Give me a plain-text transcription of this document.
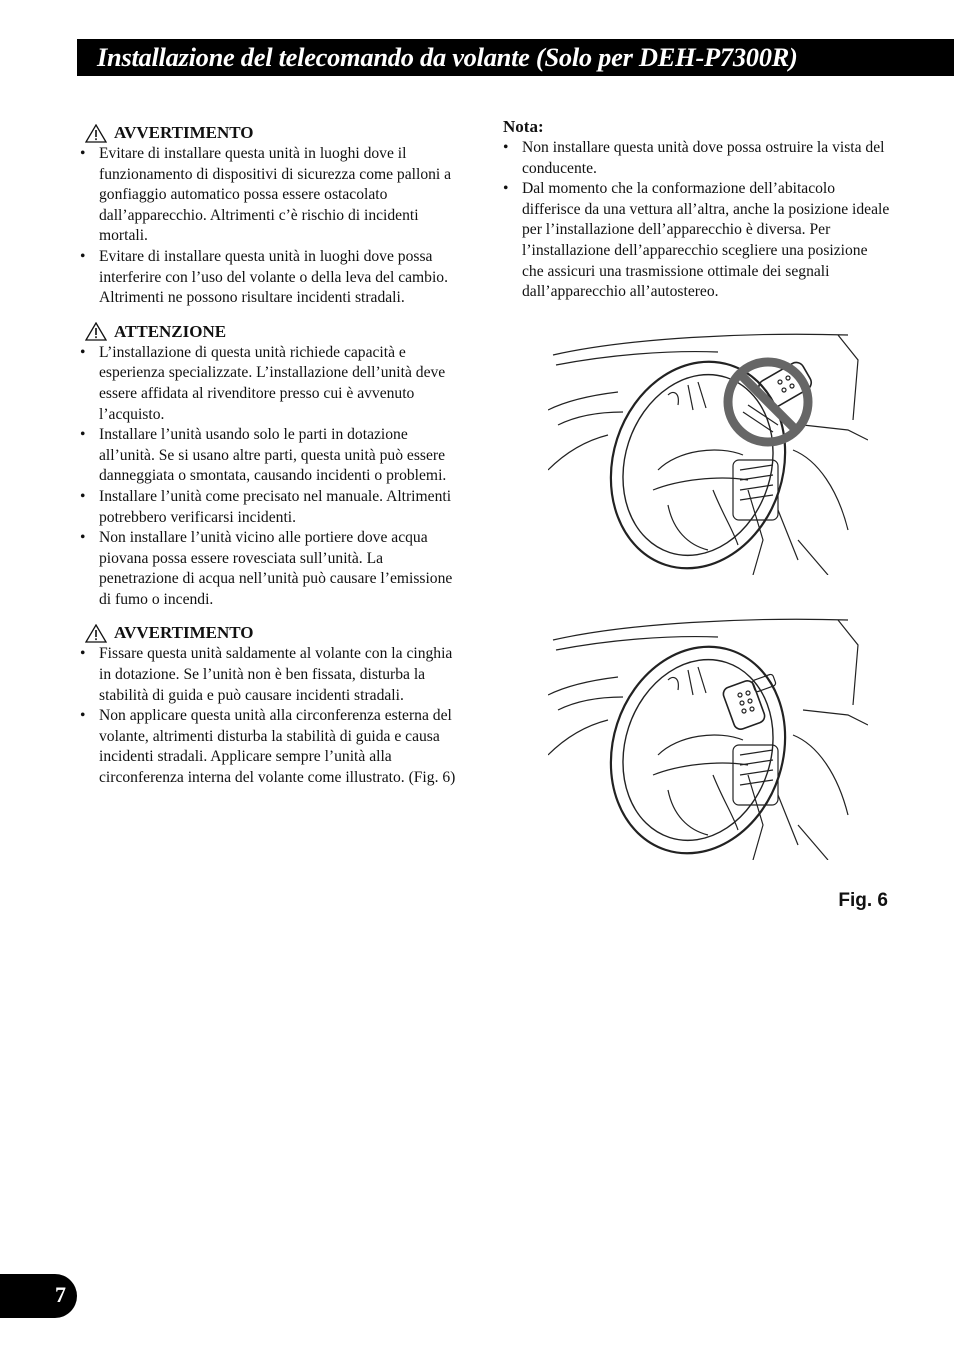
Installazione del telecomando da volante (Solo per DEH-P7300R)
AVVERTIMENTO
• Evitare di installare questa unità in luoghi dove il funzionamento di dispositivi di sicurezza come palloni a gonfiaggio automatico possa essere ostacolato dall’apparecchio. Altrimenti c’è rischio di incidenti mortali.
• Evitare di installare questa unità in luoghi dove possa interferire con l’uso del volante o della leva del cambio. Altrimenti ne possono risultare incidenti stradali.
ATTENZIONE
• L’installazione di questa unità richiede capacità e esperienza specializzate. L’installazione dell’unità deve essere affidata al rivenditore presso cui è avvenuto l’acquisto.
• Installare l’unità usando solo le parti in dotazione all’unità. Se si usano altre parti, questa unità può essere danneggiata o smontata, causando incidenti o problemi.
• Installare l’unità come precisato nel manuale. Altrimenti potrebbero verificarsi incidenti.
• Non installare l’unità vicino alle portiere dove acqua piovana possa essere rovesciata sull’unità. La penetrazione di acqua nell’unità può causare l’emissione di fumo o incendi.
AVVERTIMENTO
• Fissare questa unità saldamente al volante con la cinghia in dotazione. Se l’unità non è ben fissata, disturba la stabilità di guida e può causare incidenti stradali.
• Non applicare questa unità alla circonferenza esterna del volante, altrimenti disturba la stabilità di guida e causa incidenti stradali. Applicare sempre l’unità alla circonferenza interna del volante come illustrato. (Fig. 6)
Nota:
• Non installare questa unità dove possa ostruire la vista del conducente.
• Dal momento che la conformazione dell’abitacolo differisce da una vettura all’altra, anche la posizione ideale per l’installazione dell’apparecchio è diversa. Per l’installazione dell’apparecchio scegliere una posizione che assicuri una trasmissione ottimale dei segnali dall’apparecchio all’autostereo.
Fig. 6
7
